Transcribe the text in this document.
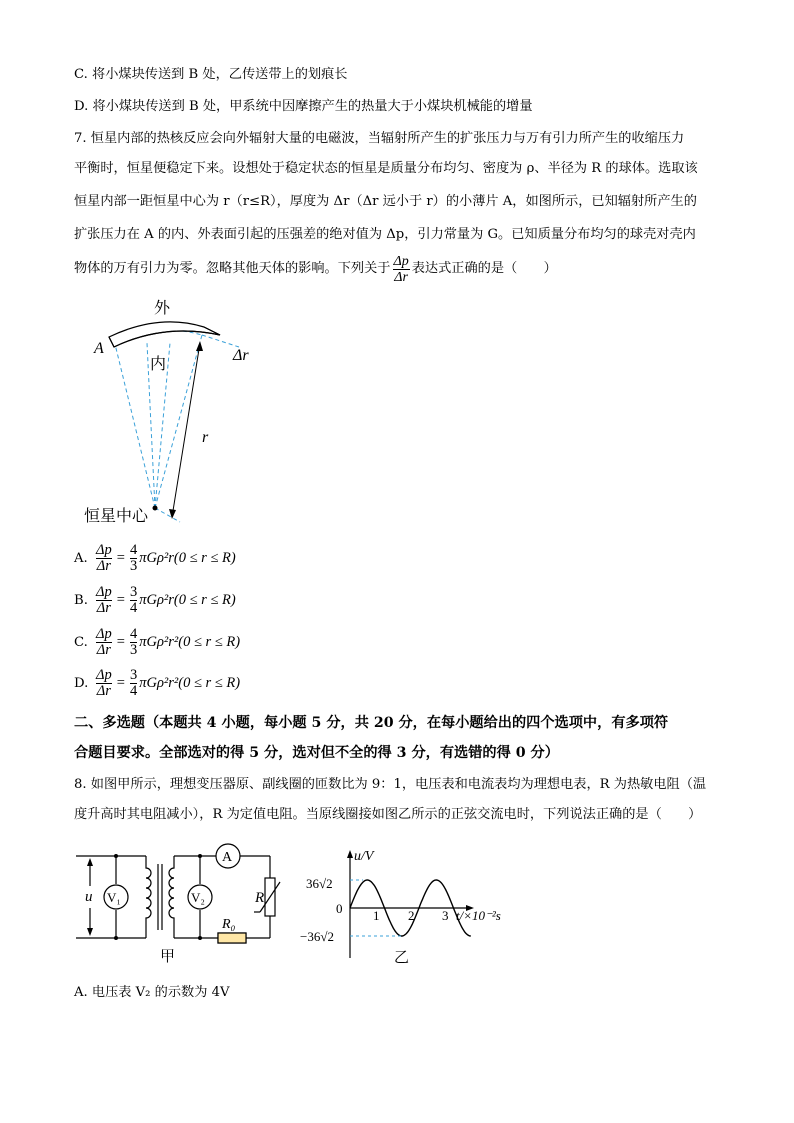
C. 将小煤块传送到 B 处，乙传送带上的划痕长
D. 将小煤块传送到 B 处，甲系统中因摩擦产生的热量大于小煤块机械能的增量
7. 恒星内部的热核反应会向外辐射大量的电磁波，当辐射所产生的扩张压力与万有引力所产生的收缩压力
平衡时，恒星便稳定下来。设想处于稳定状态的恒星是质量分布均匀、密度为 ρ、半径为 R 的球体。选取该
恒星内部一距恒星中心为 r（r≤R），厚度为 Δr（Δr 远小于 r）的小薄片 A，如图所示，已知辐射所产生的
扩张压力在 A 的内、外表面引起的压强差的绝对值为 Δp，引力常量为 G。已知质量分布均匀的球壳对壳内
物体的万有引力为零。忽略其他天体的影响。下列关于 $\frac{\Delta p}{\Delta r}$ 表达式正确的是（　　）
外
内
A	Δr
r
恒星中心
A. $\frac{\Delta p}{\Delta r} = \frac{4}{3} \pi G\rho^2r(0 \le r \le R)$
B. $\frac{\Delta p}{\Delta r} = \frac{3}{4} \pi G\rho^2r(0 \le r \le R)$
C. $\frac{\Delta p}{\Delta r} = \frac{4}{3} \pi G\rho^2r^2(0 \le r \le R)$
D. $\frac{\Delta p}{\Delta r} = \frac{3}{4} \pi G\rho^2r^2(0 \le r \le R)$
二、多选题（本题共 4 小题，每小题 5 分，共 20 分，在每小题给出的四个选项中，有多项符
合题目要求。全部选对的得 5 分，选对但不全的得 3 分，有选错的得 0 分）
8. 如图甲所示，理想变压器原、副线圈的匝数比为 9：1，电压表和电流表均为理想电表，R 为热敏电阻（温
度升高时其电阻减小），R 为定值电阻。当原线圈接如图乙所示的正弦交流电时，下列说法正确的是（　　）
u V₁	V₂
A
R
R₀
甲
36√2
−36√2
0
u/V
1 2 3 t/×10⁻²s
乙
A. 电压表 V₂ 的示数为 4V
